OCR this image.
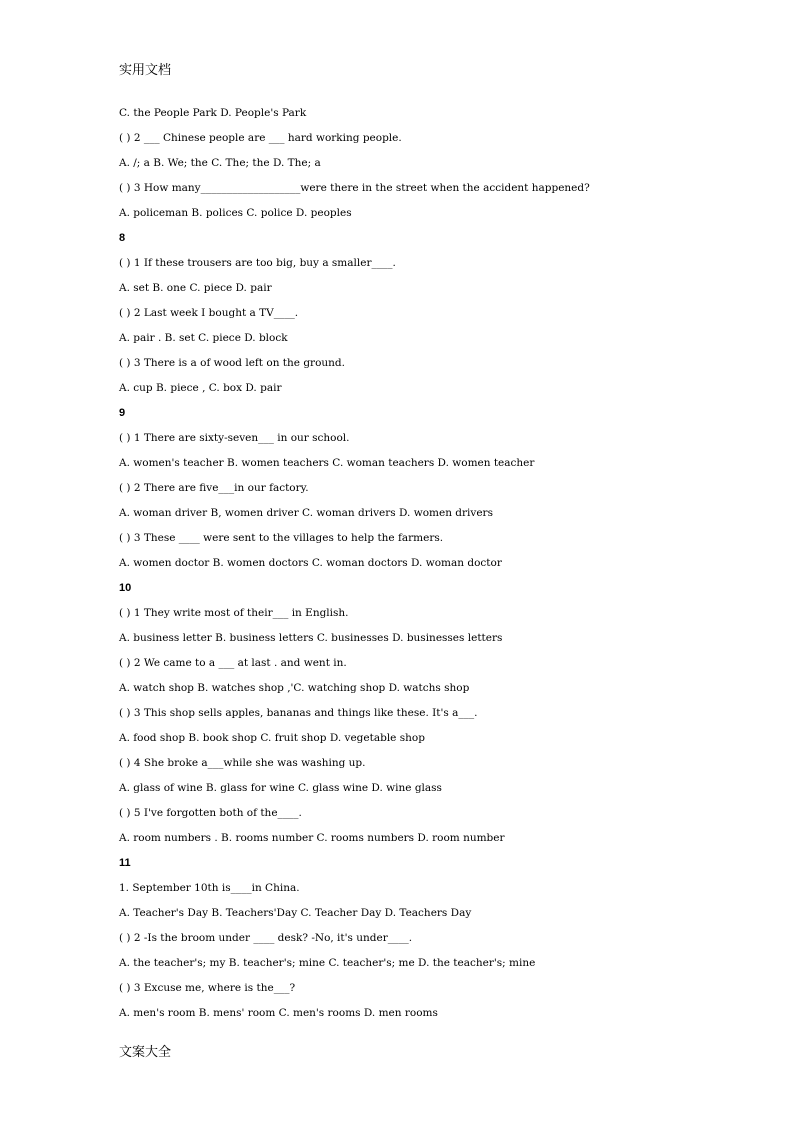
实用文档
C. the People Park D. People's Park
( ) 2 ___ Chinese people are ___ hard working people.
A. /; a B. We; the C. The; the D. The; a
( ) 3 How many___________________were there in the street when the accident happened?
A. policeman B. polices C. police D. peoples
8
( ) 1 If these trousers are too big, buy a smaller____.
A. set B. one C. piece D. pair
( ) 2 Last week I bought a TV____.
A. pair . B. set C. piece D. block
( ) 3 There is a of wood left on the ground.
A. cup B. piece , C. box D. pair
9
( ) 1 There are sixty-seven___ in our school.
A. women's teacher B. women teachers C. woman teachers D. women teacher
( ) 2 There are five___in our factory.
A. woman driver B, women driver C. woman drivers D. women drivers
( ) 3 These ____ were sent to the villages to help the farmers.
A. women doctor B. women doctors C. woman doctors D. woman doctor
10
( ) 1 They write most of their___ in English.
A. business letter B. business letters C. businesses D. businesses letters
( ) 2 We came to a ___ at last . and went in.
A. watch shop B. watches shop ,'C. watching shop D. watchs shop
( ) 3 This shop sells apples, bananas and things like these. It's a___.
A. food shop B. book shop C. fruit shop D. vegetable shop
( ) 4 She broke a___while she was washing up.
A. glass of wine B. glass for wine C. glass wine D. wine glass
( ) 5 I've forgotten both of the____.
A. room numbers . B. rooms number C. rooms numbers D. room number
11
1. September 10th is____in China.
A. Teacher's Day B. Teachers'Day C. Teacher Day D. Teachers Day
( ) 2 -Is the broom under ____ desk? -No, it's under____.
A. the teacher's; my B. teacher's; mine C. teacher's; me D. the teacher's; mine
( ) 3 Excuse me, where is the___?
A. men's room B. mens' room C. men's rooms D. men rooms
文案大全
